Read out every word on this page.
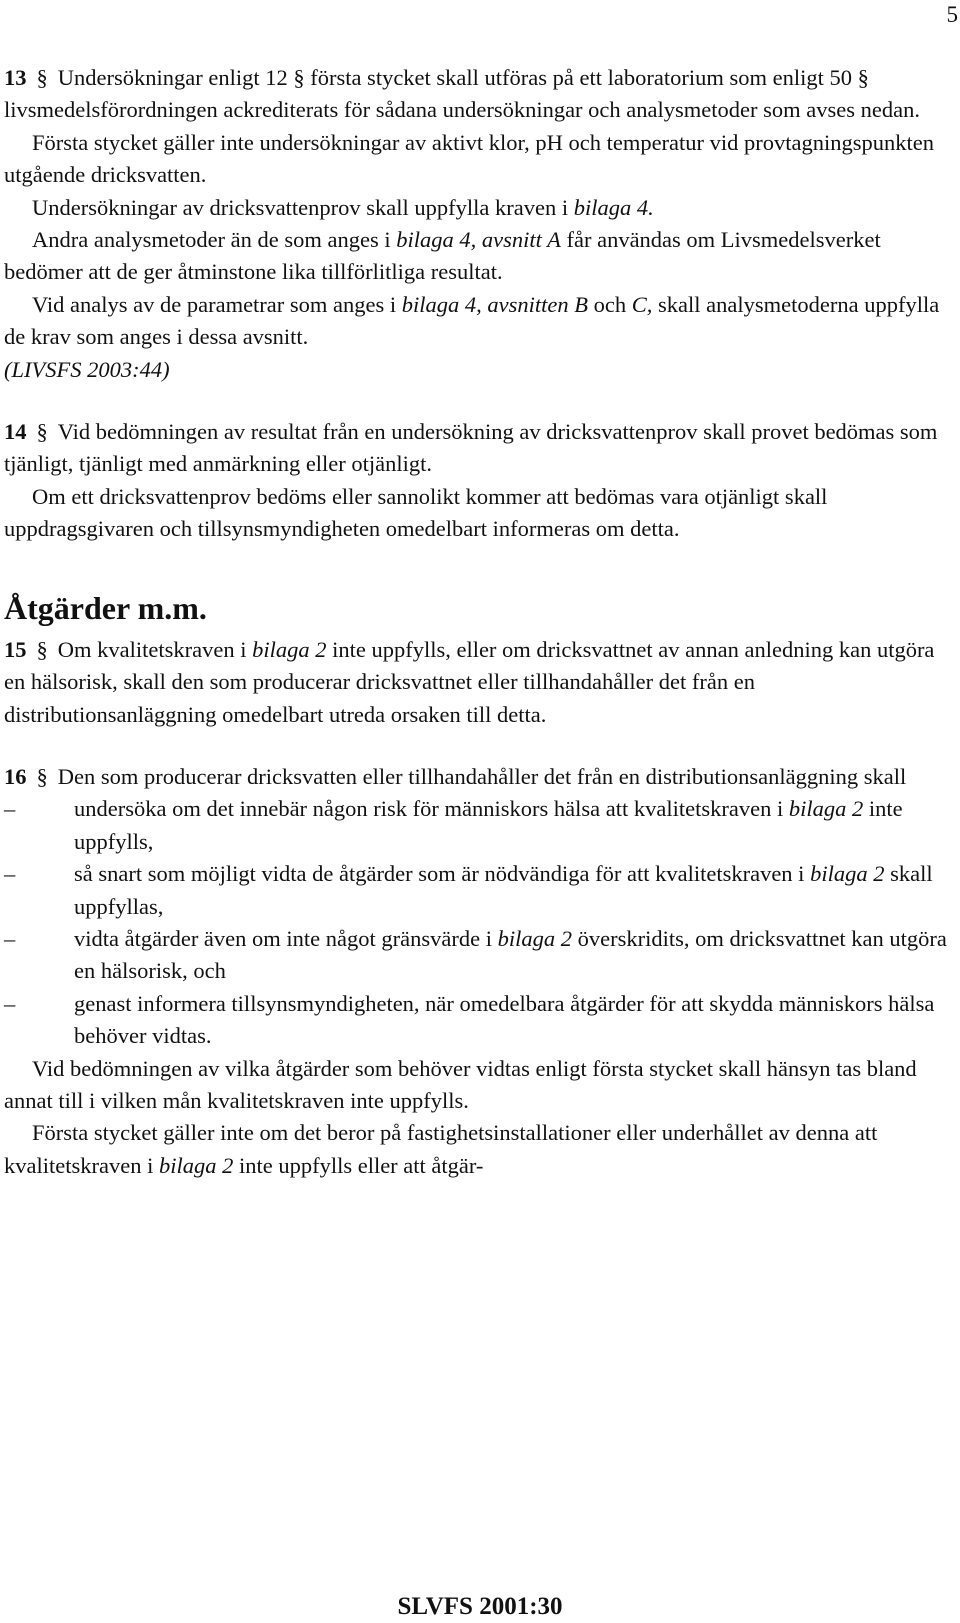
5

13 § Undersökningar enligt 12 § första stycket skall utföras på ett laboratorium som enligt 50 § livsmedelsförordningen ackrediterats för sådana undersökningar och analysmetoder som avses nedan.

Första stycket gäller inte undersökningar av aktivt klor, pH och temperatur vid provtagningspunkten utgående dricksvatten.

Undersökningar av dricksvattenprov skall uppfylla kraven i bilaga 4.

Andra analysmetoder än de som anges i bilaga 4, avsnitt A får användas om Livsmedelsverket bedömer att de ger åtminstone lika tillförlitliga resultat.

Vid analys av de parametrar som anges i bilaga 4, avsnitten B och C, skall analysmetoderna uppfylla de krav som anges i dessa avsnitt.

(LIVSFS 2003:44)

14 § Vid bedömningen av resultat från en undersökning av dricksvattenprov skall provet bedömas som tjänligt, tjänligt med anmärkning eller otjänligt.

Om ett dricksvattenprov bedöms eller sannolikt kommer att bedömas vara otjänligt skall uppdragsgivaren och tillsynsmyndigheten omedelbart informeras om detta.

Åtgärder m.m.

15 § Om kvalitetskraven i bilaga 2 inte uppfylls, eller om dricksvattnet av annan anledning kan utgöra en hälsorisk, skall den som producerar dricksvattnet eller tillhandahåller det från en distributionsanläggning omedelbart utreda orsaken till detta.

16 § Den som producerar dricksvatten eller tillhandahåller det från en distributionsanläggning skall

–	undersöka om det innebär någon risk för människors hälsa att kvalitetskraven i bilaga 2 inte uppfylls,
–	så snart som möjligt vidta de åtgärder som är nödvändiga för att kvalitetskraven i bilaga 2 skall uppfyllas,
–	vidta åtgärder även om inte något gränsvärde i bilaga 2 överskridits, om dricksvattnet kan utgöra en hälsorisk, och
–	genast informera tillsynsmyndigheten, när omedelbara åtgärder för att skydda människors hälsa behöver vidtas.

Vid bedömningen av vilka åtgärder som behöver vidtas enligt första stycket skall hänsyn tas bland annat till i vilken mån kvalitetskraven inte uppfylls.

Första stycket gäller inte om det beror på fastighetsinstallationer eller underhållet av denna att kvalitetskraven i bilaga 2 inte uppfylls eller att åtgär-

SLVFS 2001:30
